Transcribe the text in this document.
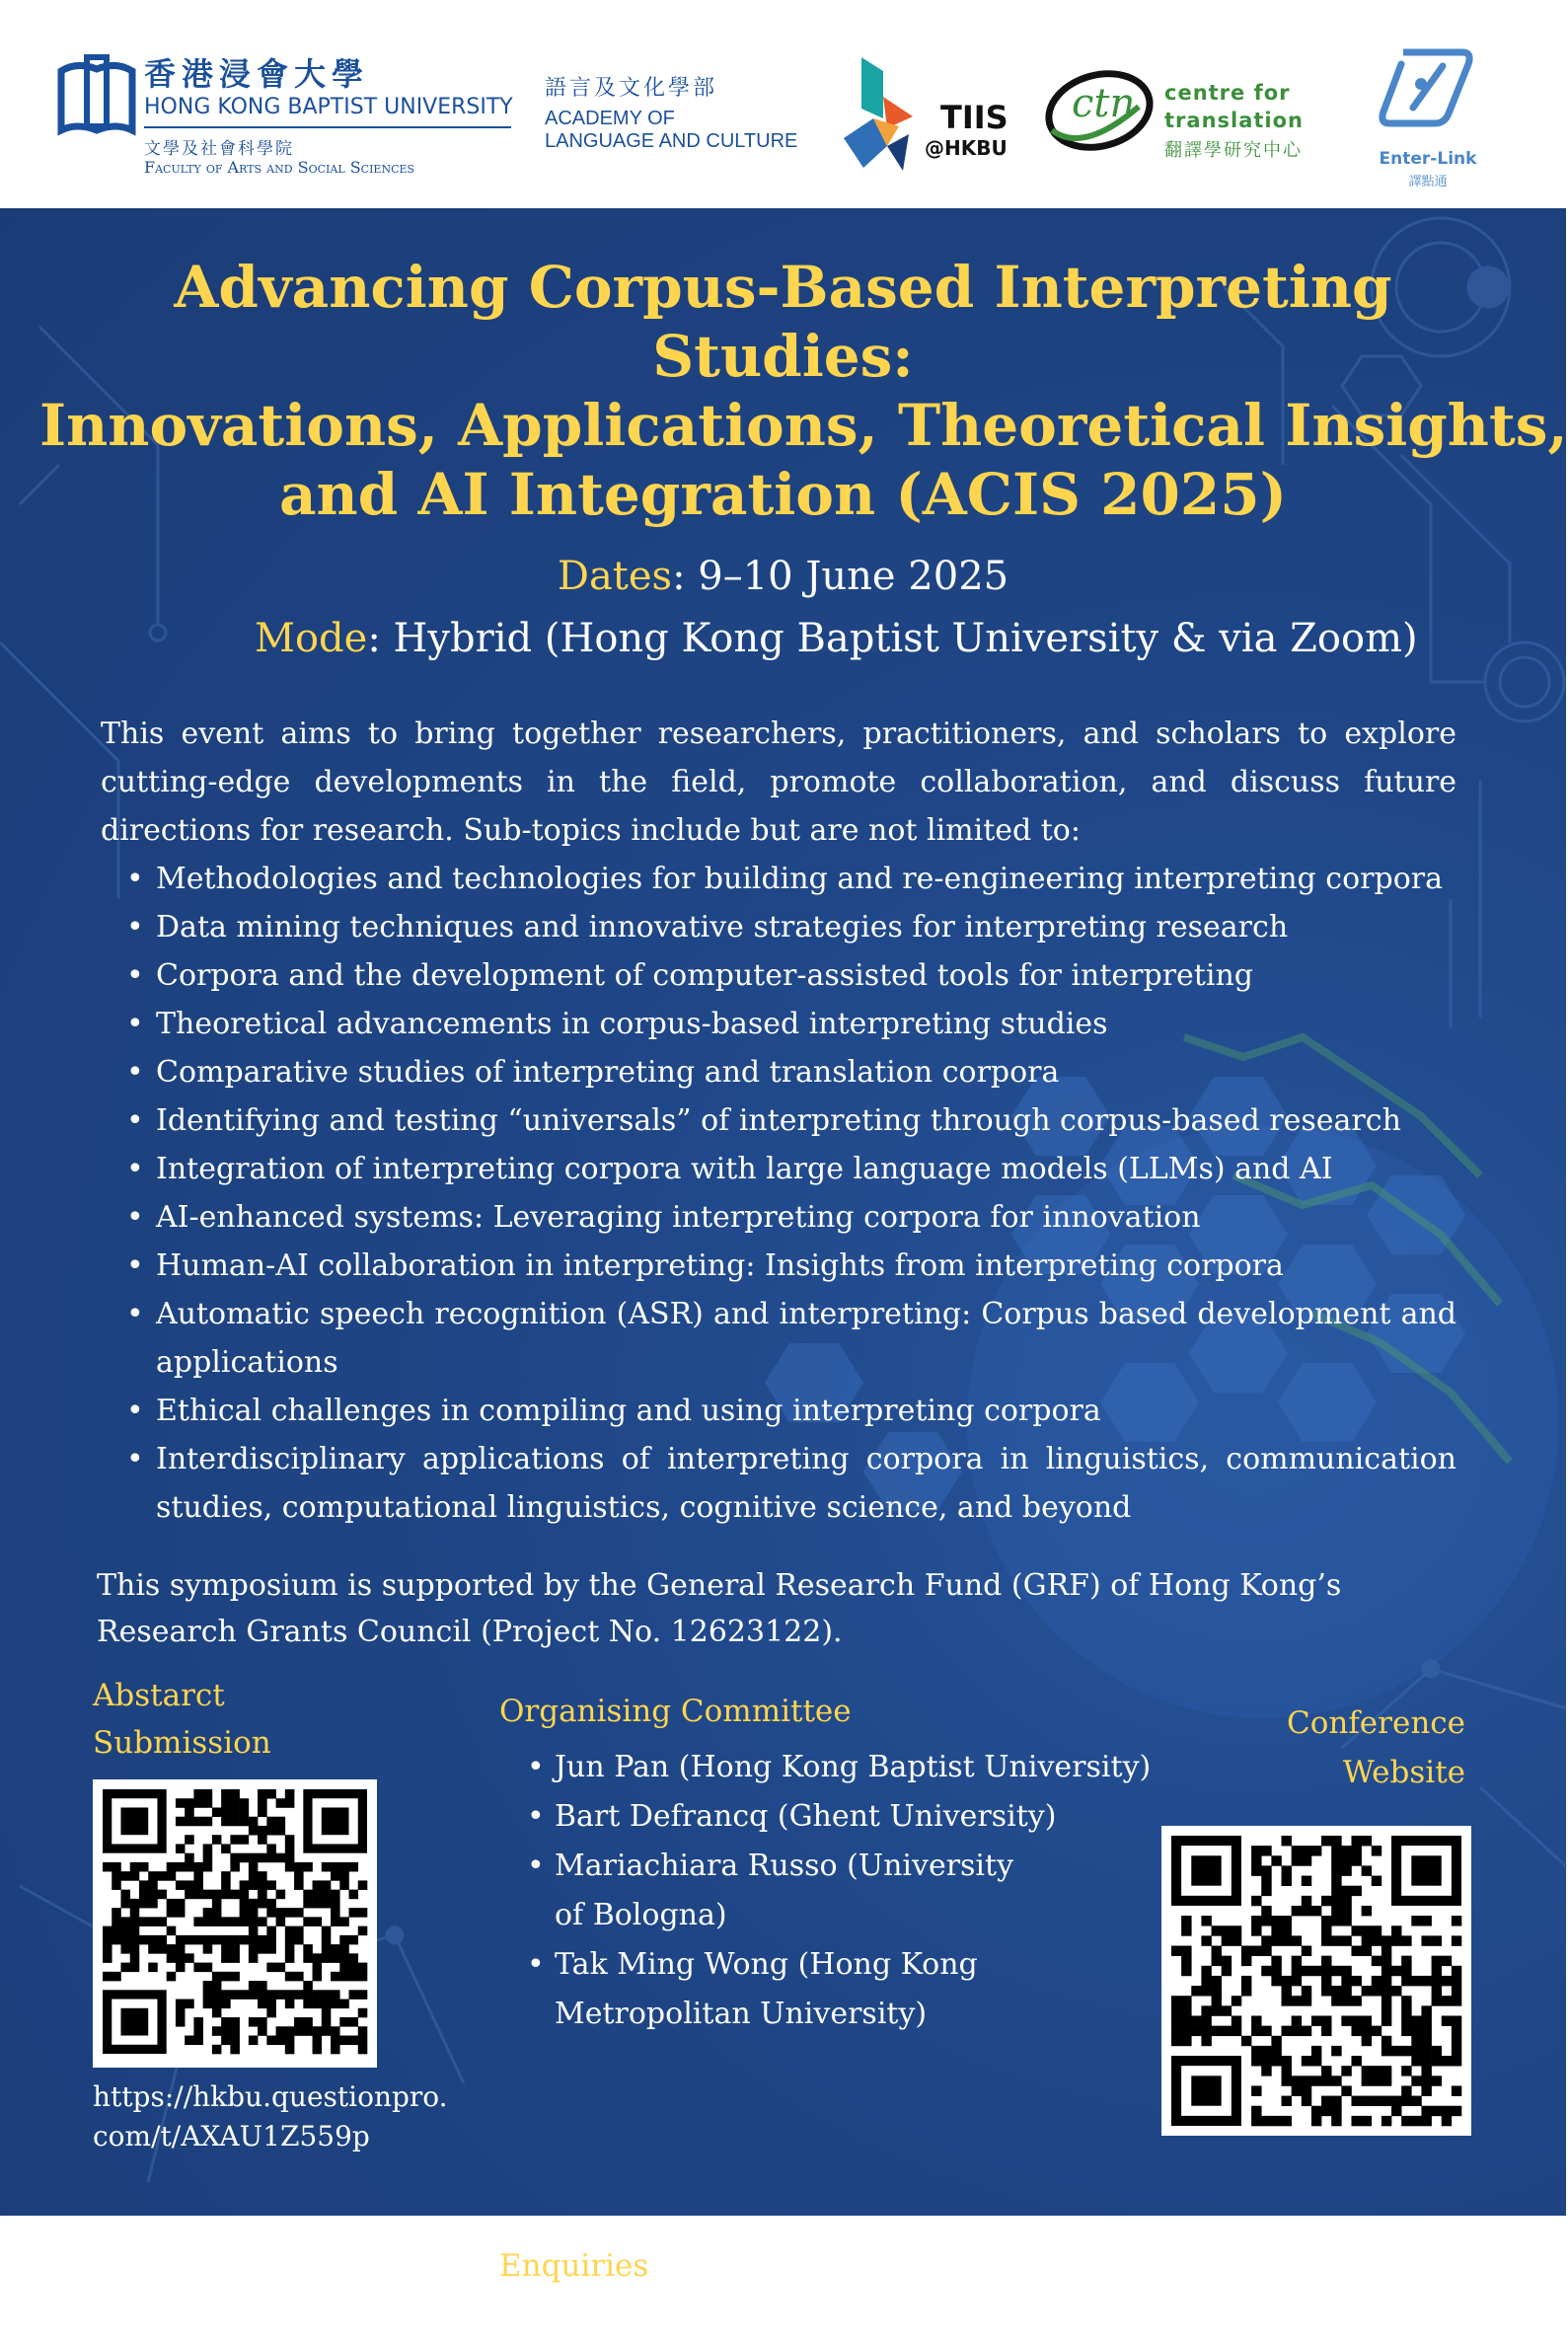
香港浸會大學
HONG KONG BAPTIST UNIVERSITY
文學及社會科學院
Faculty of Arts and Social Sciences
語言及文化學部
ACADEMY OF
LANGUAGE AND CULTURE
TIIS
@HKBU
ctn centre for
translation
翻譯學研究中心	Enter-Link
譯點通
Advancing Corpus-Based Interpreting
Studies:
Innovations, Applications, Theoretical Insights,
and AI Integration (ACIS 2025)
Dates: 9–10 June 2025
Mode: Hybrid (Hong Kong Baptist University & via Zoom)
This event aims to bring together researchers, practitioners, and scholars to explore cutting-edge developments in the field, promote collaboration, and discuss future directions for research. Sub-topics include but are not limited to:
• Methodologies and technologies for building and re-engineering interpreting corpora
• Data mining techniques and innovative strategies for interpreting research
• Corpora and the development of computer-assisted tools for interpreting
• Theoretical advancements in corpus-based interpreting studies
• Comparative studies of interpreting and translation corpora
• Identifying and testing “universals” of interpreting through corpus-based research
• Integration of interpreting corpora with large language models (LLMs) and AI
• AI-enhanced systems: Leveraging interpreting corpora for innovation
• Human-AI collaboration in interpreting: Insights from interpreting corpora
• Automatic speech recognition (ASR) and interpreting: Corpus based development and applications
• Ethical challenges in compiling and using interpreting corpora
• Interdisciplinary applications of interpreting corpora in linguistics, communication studies, computational linguistics, cognitive science, and beyond
This symposium is supported by the General Research Fund (GRF) of Hong Kong’s Research Grants Council (Project No. 12623122).
Abstarct
Submission
https://hkbu.questionpro.com/t/AXAU1Z559p
Organising Committee
• Jun Pan (Hong Kong Baptist University)
• Bart Defrancq (Ghent University)
• Mariachiara Russo (University of Bologna)
• Tak Ming Wong (Hong Kong Metropolitan University)
Enquiries
• tiis@hkbu.edu.hk
Conference
Website
